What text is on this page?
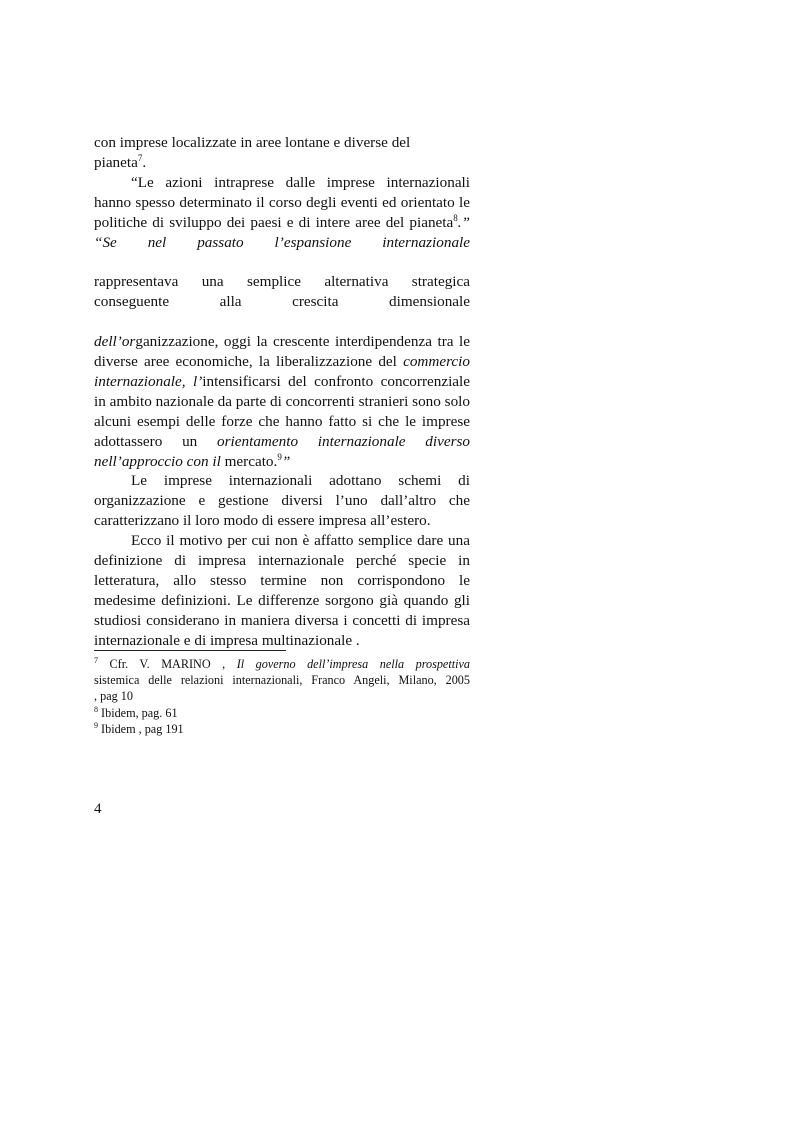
con imprese localizzate in aree lontane e diverse del
pianeta$^7$.

“Le azioni intraprese dalle imprese internazionali hanno spesso determinato il corso degli eventi ed orientato le politiche di sviluppo dei paesi e di intere aree del pianeta$^8$.” “Se nel passato l’espansione internazionale

rappresentava una semplice alternativa strategica conseguente alla crescita dimensionale

dell’organizzazione, oggi la crescente interdipendenza tra le diverse aree economiche, la liberalizzazione del commercio internazionale, l’intensificarsi del confronto concorrenziale in ambito nazionale da parte di concorrenti stranieri sono solo alcuni esempi delle forze che hanno fatto si che le imprese adottassero un orientamento internazionale diverso nell’approccio con il mercato.$^9$”

Le imprese internazionali adottano schemi di organizzazione e gestione diversi l’uno dall’altro che caratterizzano il loro modo di essere impresa all’estero.

Ecco il motivo per cui non è affatto semplice dare una definizione di impresa internazionale perché specie in letteratura, allo stesso termine non corrispondono le medesime definizioni. Le differenze sorgono già quando gli studiosi considerano in maniera diversa i concetti di impresa internazionale e di impresa multinazionale .

$^7$ Cfr. V. MARINO , Il governo dell’impresa nella prospettiva

sistemica delle relazioni internazionali, Franco Angeli, Milano, 2005

, pag 10

$^8$ Ibidem, pag. 61

$^9$ Ibidem , pag 191

4
